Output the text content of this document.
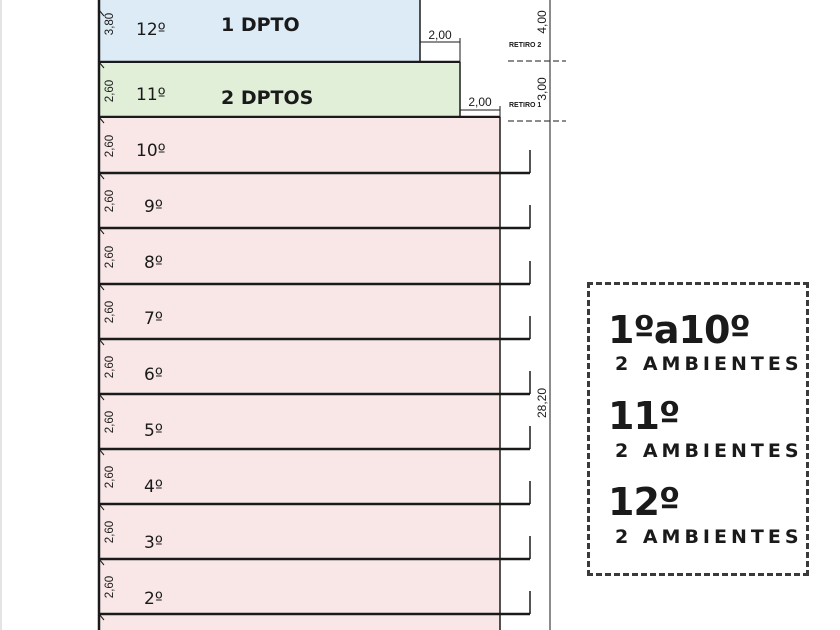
3,80 12º	1 DPTO
2,60 11º	2 DPTOS
10º
9º
8º
7º
6º
5º
4º
3º
2º
2,60
2,60
2,60
2,60
2,60
2,60
2,60
2,60
2,60
2,00
RETIRO 2
2,00 RETIRO 1
4,00
3,00
28,20
1ºa10º
2 AMBIENTES
11º
2 AMBIENTES
12º
2 AMBIENTES
